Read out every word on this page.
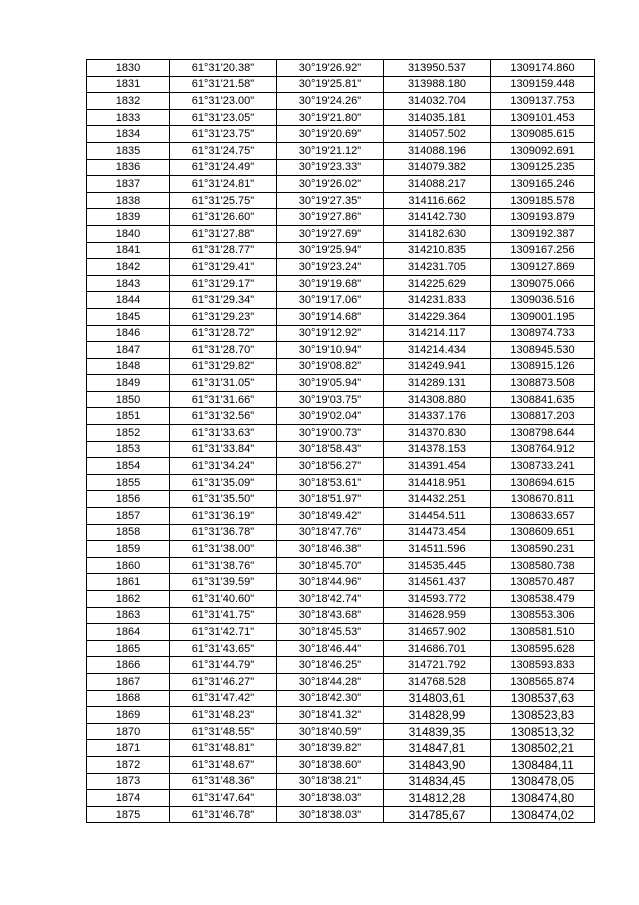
1830	61°31'20.38"	30°19'26.92"	313950.537	1309174.860
1831	61°31'21.58"	30°19'25.81"	313988.180	1309159.448
1832	61°31'23.00"	30°19'24.26"	314032.704	1309137.753
1833	61°31'23.05"	30°19'21.80"	314035.181	1309101.453
1834	61°31'23.75"	30°19'20.69"	314057.502	1309085.615
1835	61°31'24.75"	30°19'21.12"	314088.196	1309092.691
1836	61°31'24.49"	30°19'23.33"	314079.382	1309125.235
1837	61°31'24.81"	30°19'26.02"	314088.217	1309165.246
1838	61°31'25.75"	30°19'27.35"	314116.662	1309185.578
1839	61°31'26.60"	30°19'27.86"	314142.730	1309193.879
1840	61°31'27.88"	30°19'27.69"	314182.630	1309192.387
1841	61°31'28.77"	30°19'25.94"	314210.835	1309167.256
1842	61°31'29.41"	30°19'23.24"	314231.705	1309127.869
1843	61°31'29.17"	30°19'19.68"	314225.629	1309075.066
1844	61°31'29.34"	30°19'17.06"	314231.833	1309036.516
1845	61°31'29.23"	30°19'14.68"	314229.364	1309001.195
1846	61°31'28.72"	30°19'12.92"	314214.117	1308974.733
1847	61°31'28.70"	30°19'10.94"	314214.434	1308945.530
1848	61°31'29.82"	30°19'08.82"	314249.941	1308915.126
1849	61°31'31.05"	30°19'05.94"	314289.131	1308873.508
1850	61°31'31.66"	30°19'03.75"	314308.880	1308841.635
1851	61°31'32.56"	30°19'02.04"	314337.176	1308817.203
1852	61°31'33.63"	30°19'00.73"	314370.830	1308798.644
1853	61°31'33.84"	30°18'58.43"	314378.153	1308764.912
1854	61°31'34.24"	30°18'56.27"	314391.454	1308733.241
1855	61°31'35.09"	30°18'53.61"	314418.951	1308694.615
1856	61°31'35.50"	30°18'51.97"	314432.251	1308670.811
1857	61°31'36.19"	30°18'49.42"	314454.511	1308633.657
1858	61°31'36.78"	30°18'47.76"	314473.454	1308609.651
1859	61°31'38.00"	30°18'46.38"	314511.596	1308590.231
1860	61°31'38.76"	30°18'45.70"	314535.445	1308580.738
1861	61°31'39.59"	30°18'44.96"	314561.437	1308570.487
1862	61°31'40.60"	30°18'42.74"	314593.772	1308538.479
1863	61°31'41.75"	30°18'43.68"	314628.959	1308553.306
1864	61°31'42.71"	30°18'45.53"	314657.902	1308581.510
1865	61°31'43.65"	30°18'46.44"	314686.701	1308595.628
1866	61°31'44.79"	30°18'46.25"	314721.792	1308593.833
1867	61°31'46.27"	30°18'44.28"	314768.528	1308565.874
1868	61°31'47.42"	30°18'42.30"	314803,61	1308537,63
1869	61°31'48.23"	30°18'41.32"	314828,99	1308523,83
1870	61°31'48.55"	30°18'40.59"	314839,35	1308513,32
1871	61°31'48.81"	30°18'39.82"	314847,81	1308502,21
1872	61°31'48.67"	30°18'38.60"	314843,90	1308484,11
1873	61°31'48.36"	30°18'38.21"	314834,45	1308478,05
1874	61°31'47.64"	30°18'38.03"	314812,28	1308474,80
1875	61°31'46.78"	30°18'38.03"	314785,67	1308474,02
